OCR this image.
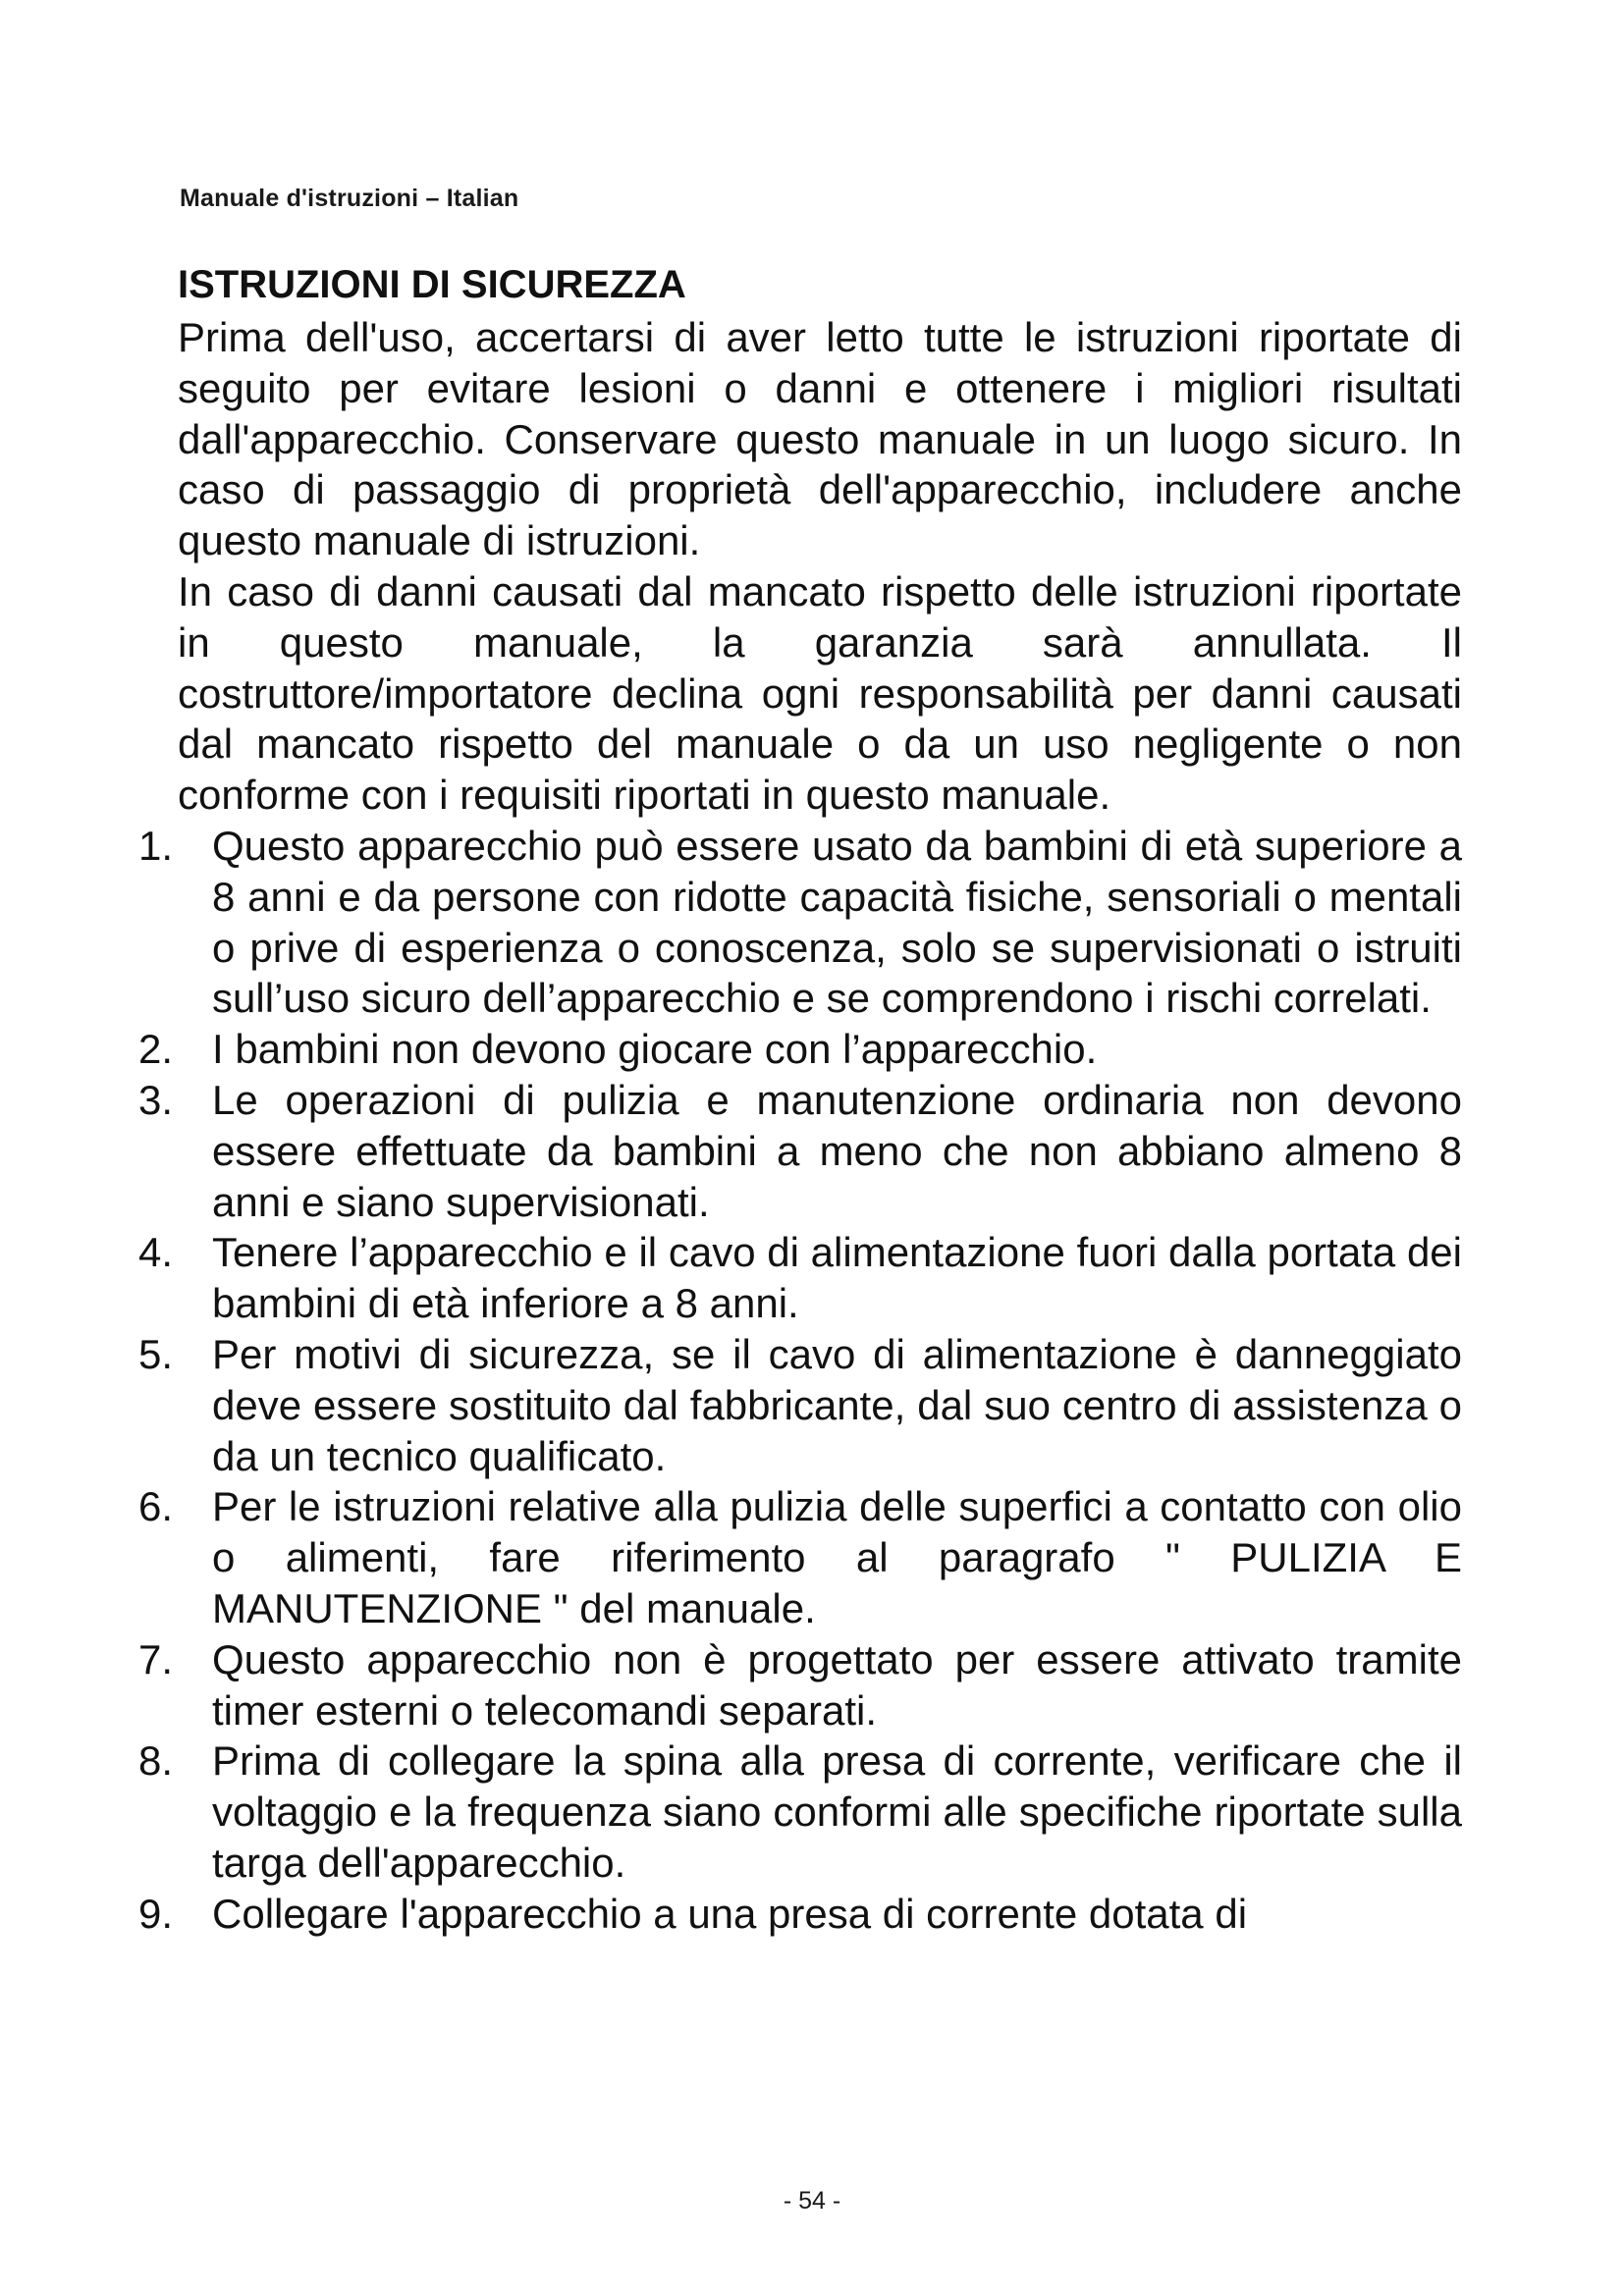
Manuale d'istruzioni – Italian
ISTRUZIONI DI SICUREZZA

Prima dell'uso, accertarsi di aver letto tutte le istruzioni riportate di seguito per evitare lesioni o danni e ottenere i migliori risultati dall'apparecchio. Conservare questo manuale in un luogo sicuro. In caso di passaggio di proprietà dell'apparecchio, includere anche questo manuale di istruzioni.

In caso di danni causati dal mancato rispetto delle istruzioni riportate in questo manuale, la garanzia sarà annullata. Il costruttore/importatore declina ogni responsabilità per danni causati dal mancato rispetto del manuale o da un uso negligente o non conforme con i requisiti riportati in questo manuale.

1. Questo apparecchio può essere usato da bambini di età superiore a 8 anni e da persone con ridotte capacità fisiche, sensoriali o mentali o prive di esperienza o conoscenza, solo se supervisionati o istruiti sull’uso sicuro dell’apparecchio e se comprendono i rischi correlati.
2. I bambini non devono giocare con l’apparecchio.
3. Le operazioni di pulizia e manutenzione ordinaria non devono essere effettuate da bambini a meno che non abbiano almeno 8 anni e siano supervisionati.
4. Tenere l’apparecchio e il cavo di alimentazione fuori dalla portata dei bambini di età inferiore a 8 anni.
5. Per motivi di sicurezza, se il cavo di alimentazione è danneggiato deve essere sostituito dal fabbricante, dal suo centro di assistenza o da un tecnico qualificato.
6. Per le istruzioni relative alla pulizia delle superfici a contatto con olio o alimenti, fare riferimento al paragrafo " PULIZIA E MANUTENZIONE " del manuale.
7. Questo apparecchio non è progettato per essere attivato tramite timer esterni o telecomandi separati.
8. Prima di collegare la spina alla presa di corrente, verificare che il voltaggio e la frequenza siano conformi alle specifiche riportate sulla targa dell'apparecchio.
9. Collegare l'apparecchio a una presa di corrente dotata di
- 54 -
